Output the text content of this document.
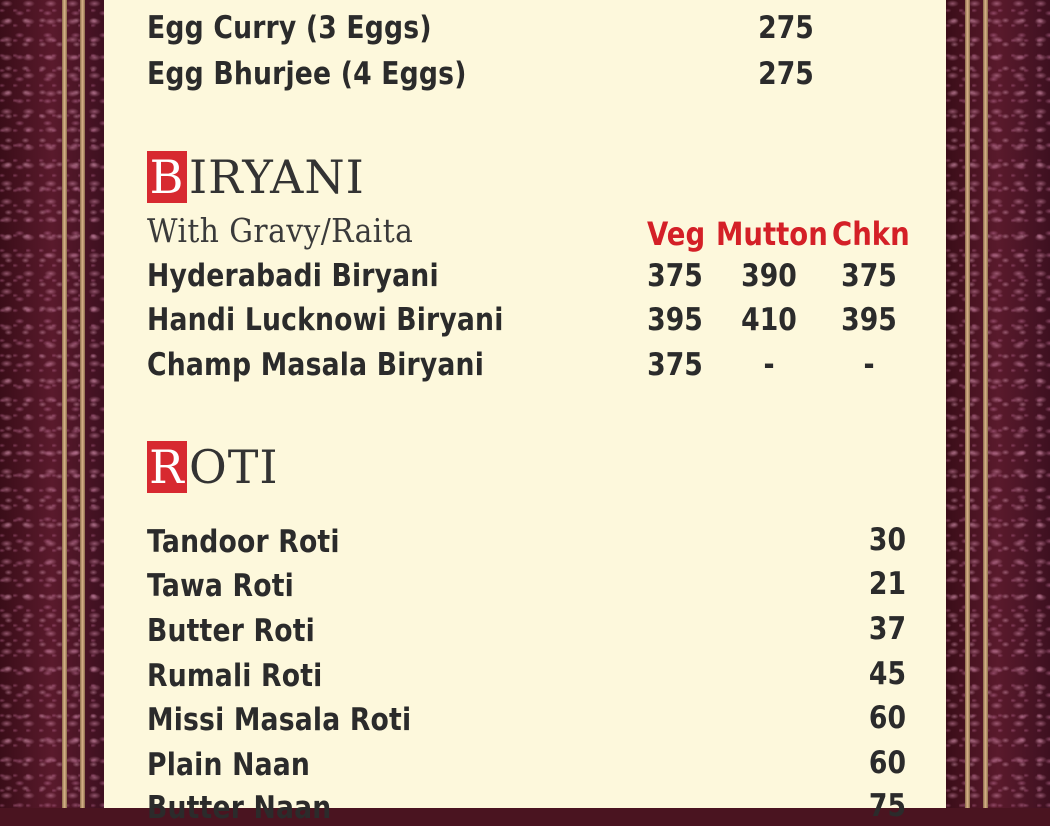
Egg Curry (3 Eggs)	275
Egg Bhurjee (4 Eggs)	275
BIRYANI
With Gravy/Raita	Veg Mutton Chkn
Hyderabadi Biryani	375	390	375
Handi Lucknowi Biryani	395	410	395
Champ Masala Biryani	375	-	-
ROTI
Tandoor Roti	30
Tawa Roti	21
Butter Roti	37
Rumali Roti	45
Missi Masala Roti	60
Plain Naan	60
Butter Naan	75
